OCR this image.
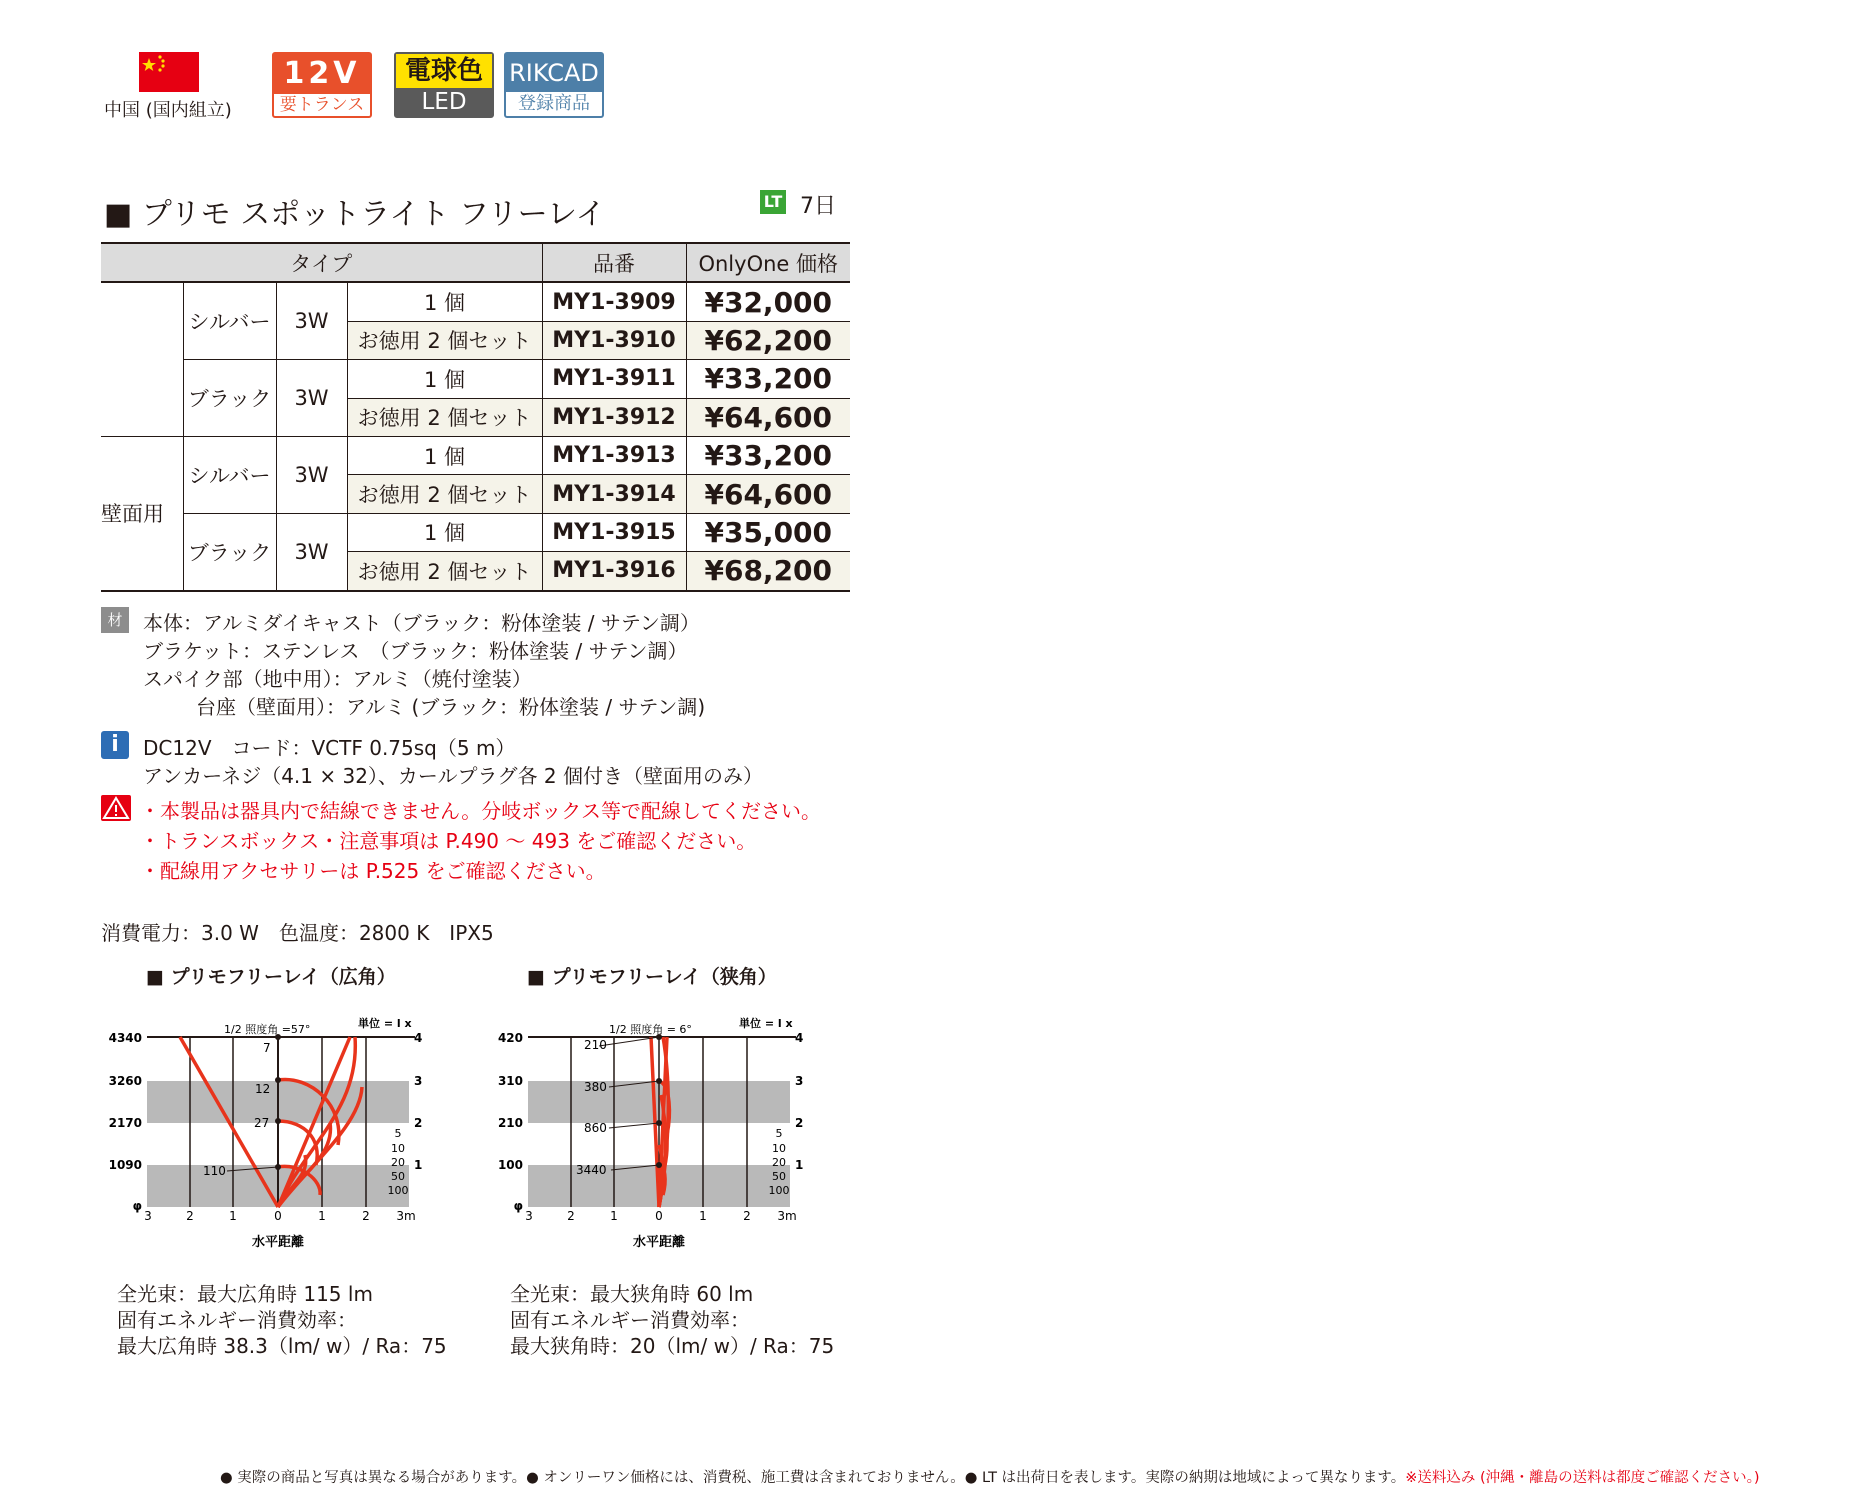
中国 (国内組立)
12V
要トランス
電球色
LED
RIKCAD
登録商品
■ プリモ スポットライト フリーレイ	LT 7日
タイプ				品番	OnlyOne 価格
	シルバー	3W	1 個	MY1-3909	¥32,000
			お徳用 2 個セット	MY1-3910	¥62,200
	ブラック	3W	1 個	MY1-3911	¥33,200
			お徳用 2 個セット	MY1-3912	¥64,600
壁面用	シルバー	3W	1 個	MY1-3913	¥33,200
			お徳用 2 個セット	MY1-3914	¥64,600
	ブラック	3W	1 個	MY1-3915	¥35,000
			お徳用 2 個セット	MY1-3916	¥68,200
材質
本体：アルミダイキャスト（ブラック：粉体塗装 / サテン調）
ブラケット：ステンレス　（ブラック：粉体塗装 / サテン調）
スパイク部（地中用）：アルミ（焼付塗装）
台座（壁面用）：アルミ (ブラック：粉体塗装 / サテン調)
i	DC12V　コード：VCTF 0.75sq（5 m）
アンカーネジ（4.1 × 32）、カールプラグ各 2 個付き（壁面用のみ）
・本製品は器具内で結線できません。分岐ボックス等で配線してください。
・トランスボックス・注意事項は P.490 ～ 493 をご確認ください。
・配線用アクセサリーは P.525 をご確認ください。
消費電力：3.0 W　色温度：2800 K　IPX5
■ プリモフリーレイ（広角）
1/2 照度角 =57°	単位 = l x
4340
3260
2170
1090
φ
4
3
2
1
3	2	1	0	1	2 3m
水平距離
7
12
27
110
5
10
20
50
100
全光束：最大広角時 115 lm
固有エネルギー消費効率：
最大広角時 38.3（lm/ w）/ Ra：75
■ プリモフリーレイ（狭角）
1/2 照度角 = 6°	単位 = l x
420
310
210
100
φ
4
3
2
1
3	2	1	0	1	2 3m
水平距離
210
380
860
3440
5
10
20
50
100
全光束：最大狭角時 60 lm
固有エネルギー消費効率：
最大狭角時：20（lm/ w）/ Ra：75
● 実際の商品と写真は異なる場合があります。● オンリーワン価格には、消費税、施工費は含まれておりません。● LT は出荷日を表します。実際の納期は地域によって異なります。※送料込み (沖縄・離島の送料は都度ご確認ください。)
